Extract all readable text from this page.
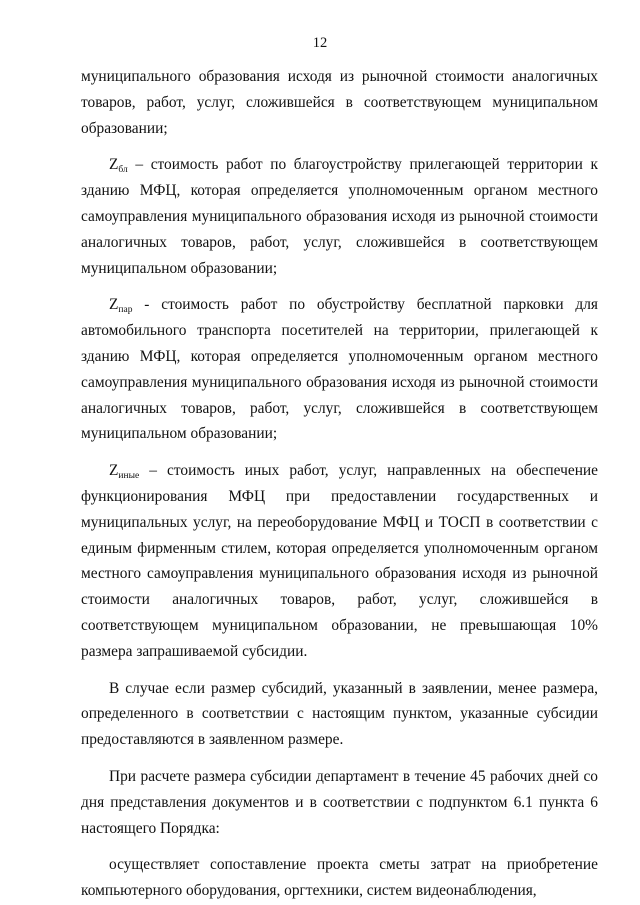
12

муниципального образования исходя из рыночной стоимости аналогичных товаров, работ, услуг, сложившейся в соответствующем муниципальном образовании;

$Z_{бл}$ – стоимость работ по благоустройству прилегающей территории к зданию МФЦ, которая определяется уполномоченным органом местного самоуправления муниципального образования исходя из рыночной стоимости аналогичных товаров, работ, услуг, сложившейся в соответствующем муниципальном образовании;

$Z_{пар}$ - стоимость работ по обустройству бесплатной парковки для автомобильного транспорта посетителей на территории, прилегающей к зданию МФЦ, которая определяется уполномоченным органом местного самоуправления муниципального образования исходя из рыночной стоимости аналогичных товаров, работ, услуг, сложившейся в соответствующем муниципальном образовании;

$Z_{иные}$ – стоимость иных работ, услуг, направленных на обеспечение функционирования МФЦ при предоставлении государственных и муниципальных услуг, на переоборудование МФЦ и ТОСП в соответствии с единым фирменным стилем, которая определяется уполномоченным органом местного самоуправления муниципального образования исходя из рыночной стоимости аналогичных товаров, работ, услуг, сложившейся в соответствующем муниципальном образовании, не превышающая 10% размера запрашиваемой субсидии.

В случае если размер субсидий, указанный в заявлении, менее размера, определенного в соответствии с настоящим пунктом, указанные субсидии предоставляются в заявленном размере.

При расчете размера субсидии департамент в течение 45 рабочих дней со дня представления документов и в соответствии с подпунктом 6.1 пункта 6 настоящего Порядка:

осуществляет сопоставление проекта сметы затрат на приобретение компьютерного оборудования, оргтехники, систем видеонаблюдения,
